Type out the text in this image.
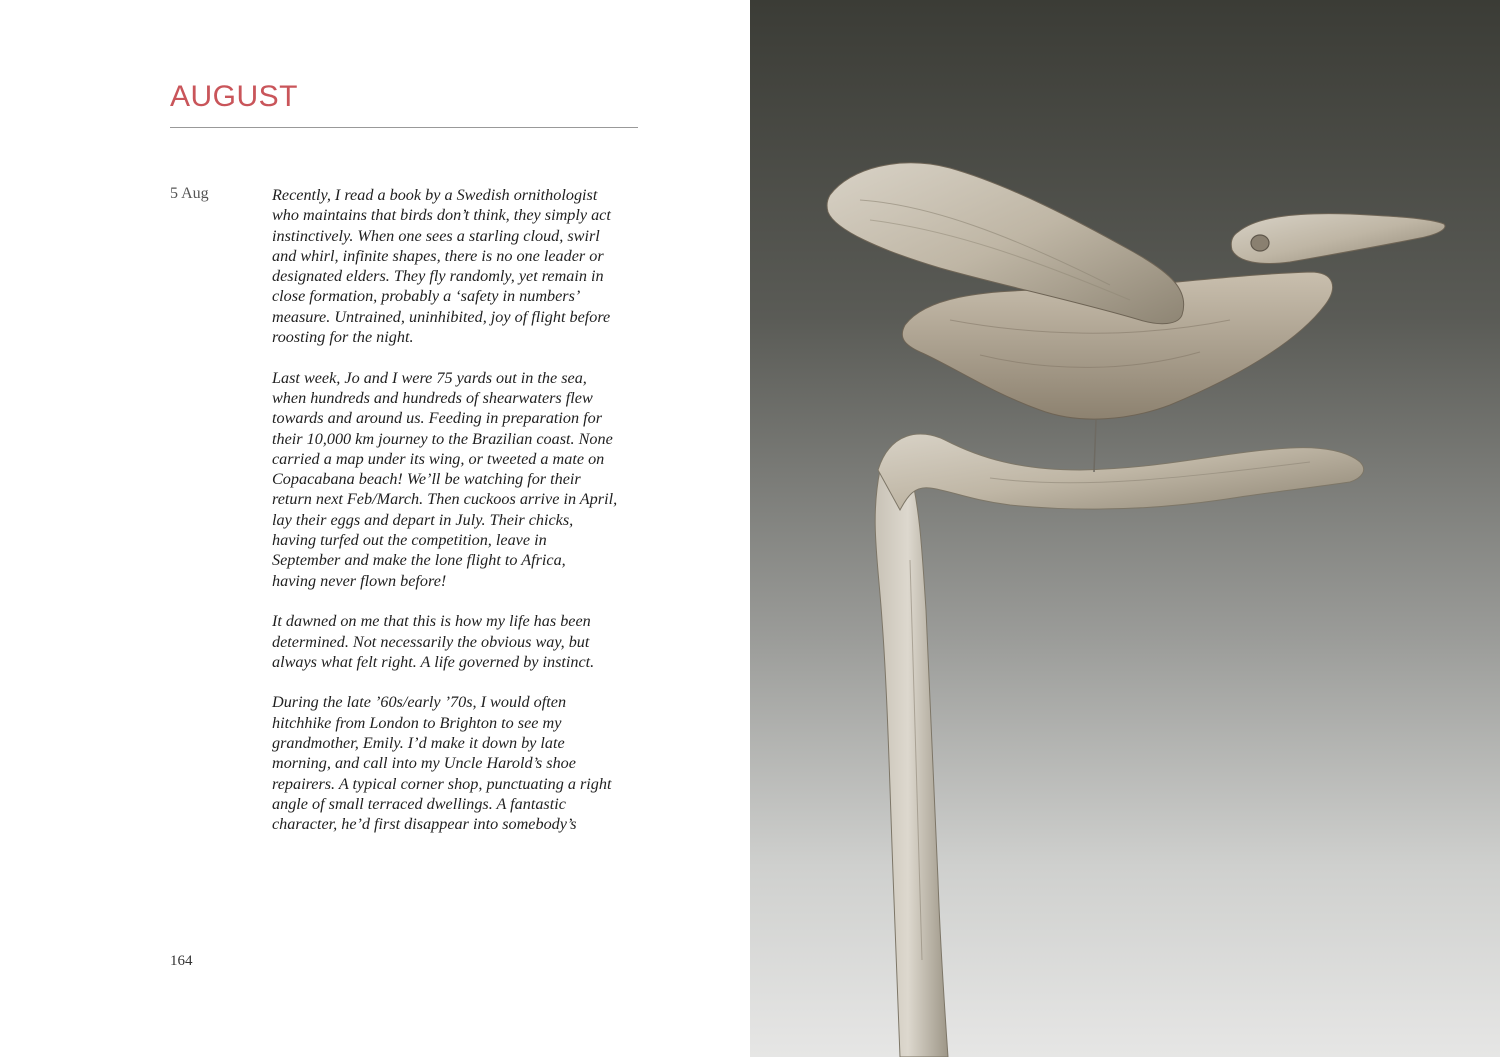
AUGUST
5 Aug	Recently, I read a book by a Swedish ornithologist
who maintains that birds don’t think, they simply act
instinctively. When one sees a starling cloud, swirl
and whirl, infinite shapes, there is no one leader or
designated elders. They fly randomly, yet remain in
close formation, probably a ‘safety in numbers’
measure. Untrained, uninhibited, joy of flight before
roosting for the night.

Last week, Jo and I were 75 yards out in the sea,
when hundreds and hundreds of shearwaters flew
towards and around us. Feeding in preparation for
their 10,000 km journey to the Brazilian coast. None
carried a map under its wing, or tweeted a mate on
Copacabana beach! We’ll be watching for their
return next Feb/March. Then cuckoos arrive in April,
lay their eggs and depart in July. Their chicks,
having turfed out the competition, leave in
September and make the lone flight to Africa,
having never flown before!

It dawned on me that this is how my life has been
determined. Not necessarily the obvious way, but
always what felt right. A life governed by instinct.

During the late ’60s/early ’70s, I would often
hitchhike from London to Brighton to see my
grandmother, Emily. I’d make it down by late
morning, and call into my Uncle Harold’s shoe
repairers. A typical corner shop, punctuating a right
angle of small terraced dwellings. A fantastic
character, he’d first disappear into somebody’s

164
